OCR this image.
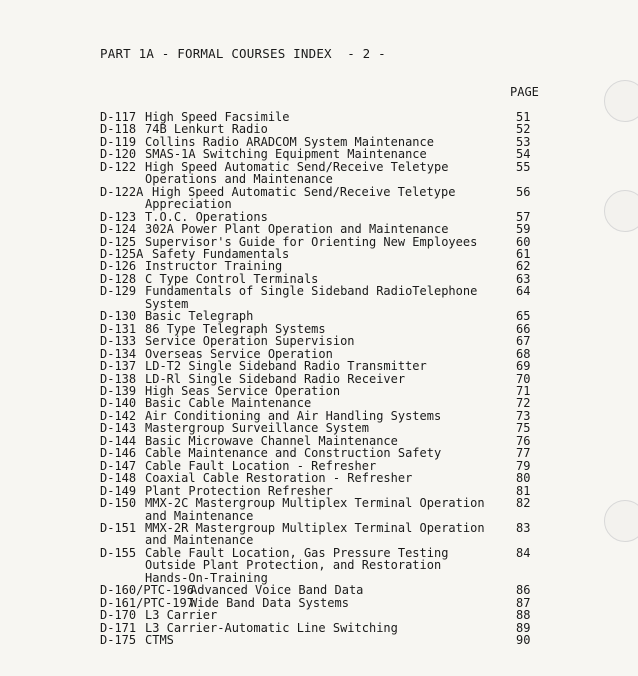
PART 1A - FORMAL COURSES INDEX  - 2 -
PAGE
D-117 High Speed Facsimile	51
D-118 74B Lenkurt Radio	52
D-119 Collins Radio ARADCOM System Maintenance	53
D-120 SMAS-1A Switching Equipment Maintenance	54
D-122 High Speed Automatic Send/Receive Teletype
Operations and Maintenance
55
D-122A High Speed Automatic Send/Receive Teletype
Appreciation
56
D-123 T.O.C. Operations	57
D-124 302A Power Plant Operation and Maintenance	59
D-125 Supervisor's Guide for Orienting New Employees	60
D-125A Safety Fundamentals	61
D-126 Instructor Training	62
D-128 C Type Control Terminals	63
D-129 Fundamentals of Single Sideband RadioTelephone
System
64
D-130 Basic Telegraph	65
D-131 86 Type Telegraph Systems	66
D-133 Service Operation Supervision	67
D-134 Overseas Service Operation	68
D-137 LD-T2 Single Sideband Radio Transmitter	69
D-138 LD-Rl Single Sideband Radio Receiver	70
D-139 High Seas Service Operation	71
D-140 Basic Cable Maintenance	72
D-142 Air Conditioning and Air Handling Systems	73
D-143 Mastergroup Surveillance System	75
D-144 Basic Microwave Channel Maintenance	76
D-146 Cable Maintenance and Construction Safety	77
D-147 Cable Fault Location - Refresher	79
D-148 Coaxial Cable Restoration - Refresher	80
D-149 Plant Protection Refresher	81
D-150 MMX-2C Mastergroup Multiplex Terminal Operation
and Maintenance
82
D-151 MMX-2R Mastergroup Multiplex Terminal Operation
and Maintenance
83
D-155 Cable Fault Location, Gas Pressure Testing
Outside Plant Protection, and Restoration
Hands-On-Training
84
D-160/PTC-196
Advanced Voice Band Data	86
D-161/PTC-197
Wide Band Data Systems	87
D-170 L3 Carrier	88
D-171 L3 Carrier-Automatic Line Switching	89
D-175 CTMS	90
